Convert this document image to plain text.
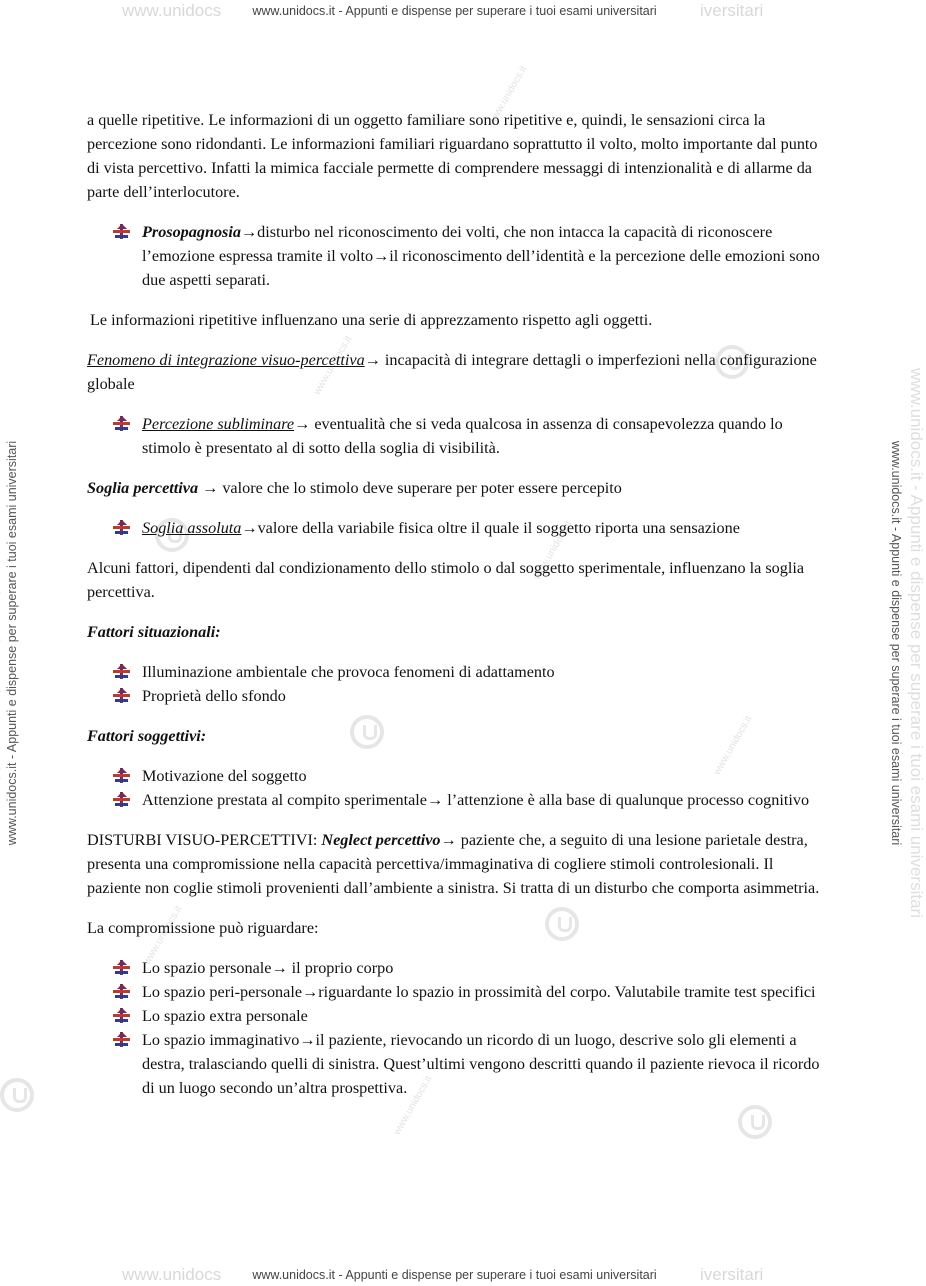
www.unidocs www.unidocs.it - Appunti e dispense per superare i tuoi esami universitari	iversitari
www.unidocs.it - Appunti e dispense per superare i tuoi esami universitari	www.unidocs.it - Appunti e dispense per superare i tuoi esami universitari
www.unidocs.it - Appunti e dispense per superare i tuoi esami universitari
www.unidocs.it
www.unidocs.it
www.unidocs.it
www.unidocs.it
www.unidocs.it
www.unidocs.it

a quelle ripetitive. Le informazioni di un oggetto familiare sono ripetitive e, quindi, le sensazioni circa la percezione sono ridondanti. Le informazioni familiari riguardano soprattutto il volto, molto importante dal punto di vista percettivo. Infatti la mimica facciale permette di comprendere messaggi di intenzionalità e di allarme da parte dell’interlocutore.

Prosopagnosia→disturbo nel riconoscimento dei volti, che non intacca la capacità di riconoscere l’emozione espressa tramite il volto→il riconoscimento dell’identità e la percezione delle emozioni sono due aspetti separati.

Le informazioni ripetitive influenzano una serie di apprezzamento rispetto agli oggetti.

Fenomeno di integrazione visuo-percettiva→ incapacità di integrare dettagli o imperfezioni nella configurazione globale

Percezione subliminare→ eventualità che si veda qualcosa in assenza di consapevolezza quando lo stimolo è presentato al di sotto della soglia di visibilità.

Soglia percettiva → valore che lo stimolo deve superare per poter essere percepito

Soglia assoluta→valore della variabile fisica oltre il quale il soggetto riporta una sensazione

Alcuni fattori, dipendenti dal condizionamento dello stimolo o dal soggetto sperimentale, influenzano la soglia percettiva.

Fattori situazionali:

Illuminazione ambientale che provoca fenomeni di adattamento
Proprietà dello sfondo

Fattori soggettivi:

Motivazione del soggetto
Attenzione prestata al compito sperimentale→ l’attenzione è alla base di qualunque processo cognitivo

DISTURBI VISUO-PERCETTIVI: Neglect percettivo→ paziente che, a seguito di una lesione parietale destra, presenta una compromissione nella capacità percettiva/immaginativa di cogliere stimoli controlesionali. Il paziente non coglie stimoli provenienti dall’ambiente a sinistra. Si tratta di un disturbo che comporta asimmetria.

La compromissione può riguardare:

Lo spazio personale→ il proprio corpo
Lo spazio peri-personale→riguardante lo spazio in prossimità del corpo. Valutabile tramite test specifici
Lo spazio extra personale
Lo spazio immaginativo→il paziente, rievocando un ricordo di un luogo, descrive solo gli elementi a destra, tralasciando quelli di sinistra. Quest’ultimi vengono descritti quando il paziente rievoca il ricordo di un luogo secondo un’altra prospettiva.
www.unidocs www.unidocs.it - Appunti e dispense per superare i tuoi esami universitari	iversitari
